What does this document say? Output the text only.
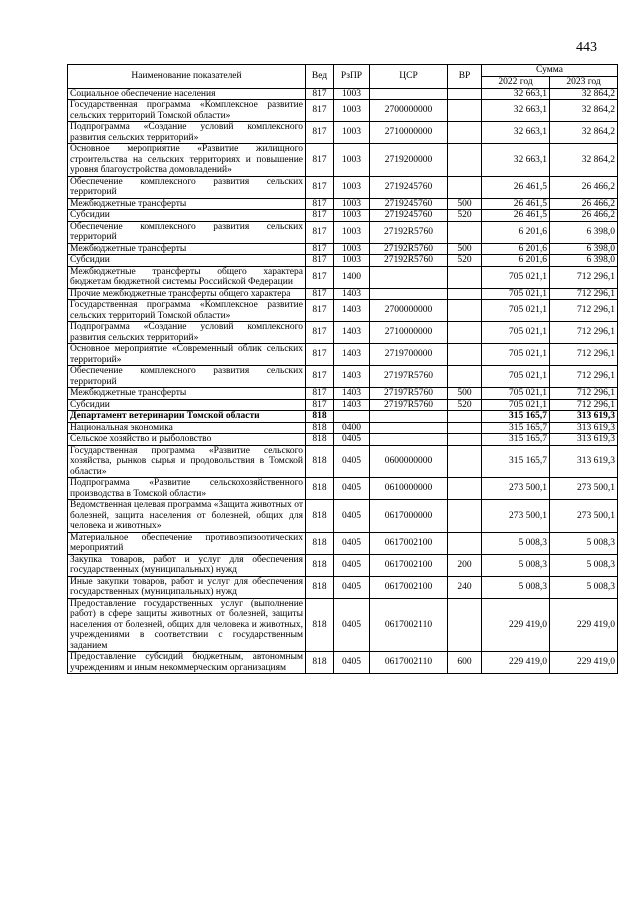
443
Наименование показателей	Вед	РзПР	ЦСР	ВР	Сумма	
					2022 год	2023 год
Социальное обеспечение населения	817	1003			32 663,1	32 864,2
Государственная программа «Комплексное развитие сельских территорий Томской области»	817	1003	2700000000		32 663,1	32 864,2
Подпрограмма «Создание условий комплексного развития сельских территорий»	817	1003	2710000000		32 663,1	32 864,2
Основное мероприятие «Развитие жилищного строительства на сельских территориях и повышение уровня благоустройства домовладений»	817	1003	2719200000		32 663,1	32 864,2
Обеспечение комплексного развития сельских территорий	817	1003	2719245760		26 461,5	26 466,2
Межбюджетные трансферты	817	1003	2719245760	500	26 461,5	26 466,2
Субсидии	817	1003	2719245760	520	26 461,5	26 466,2
Обеспечение комплексного развития сельских территорий	817	1003	27192R5760		6 201,6	6 398,0
Межбюджетные трансферты	817	1003	27192R5760	500	6 201,6	6 398,0
Субсидии	817	1003	27192R5760	520	6 201,6	6 398,0
Межбюджетные трансферты общего характера бюджетам бюджетной системы Российской Федерации	817	1400			705 021,1	712 296,1
Прочие межбюджетные трансферты общего характера	817	1403			705 021,1	712 296,1
Государственная программа «Комплексное развитие сельских территорий Томской области»	817	1403	2700000000		705 021,1	712 296,1
Подпрограмма «Создание условий комплексного развития сельских территорий»	817	1403	2710000000		705 021,1	712 296,1
Основное мероприятие «Современный облик сельских территорий»	817	1403	2719700000		705 021,1	712 296,1
Обеспечение комплексного развития сельских территорий	817	1403	27197R5760		705 021,1	712 296,1
Межбюджетные трансферты	817	1403	27197R5760	500	705 021,1	712 296,1
Субсидии	817	1403	27197R5760	520	705 021,1	712 296,1
Департамент ветеринарии Томской области	818				315 165,7	313 619,3
Национальная экономика	818	0400			315 165,7	313 619,3
Сельское хозяйство и рыболовство	818	0405			315 165,7	313 619,3
Государственная программа «Развитие сельского хозяйства, рынков сырья и продовольствия в Томской области»	818	0405	0600000000		315 165,7	313 619,3
Подпрограмма «Развитие сельскохозяйственного производства в Томской области»	818	0405	0610000000		273 500,1	273 500,1
Ведомственная целевая программа «Защита животных от болезней, защита населения от болезней, общих для человека и животных»	818	0405	0617000000		273 500,1	273 500,1
Материальное обеспечение противоэпизоотических мероприятий	818	0405	0617002100		5 008,3	5 008,3
Закупка товаров, работ и услуг для обеспечения государственных (муниципальных) нужд	818	0405	0617002100	200	5 008,3	5 008,3
Иные закупки товаров, работ и услуг для обеспечения государственных (муниципальных) нужд	818	0405	0617002100	240	5 008,3	5 008,3
Предоставление государственных услуг (выполнение работ) в сфере защиты животных от болезней, защиты населения от болезней, общих для человека и животных, учреждениями в соответствии с государственным заданием	818	0405	0617002110		229 419,0	229 419,0
Предоставление субсидий бюджетным, автономным учреждениям и иным некоммерческим организациям	818	0405	0617002110	600	229 419,0	229 419,0
